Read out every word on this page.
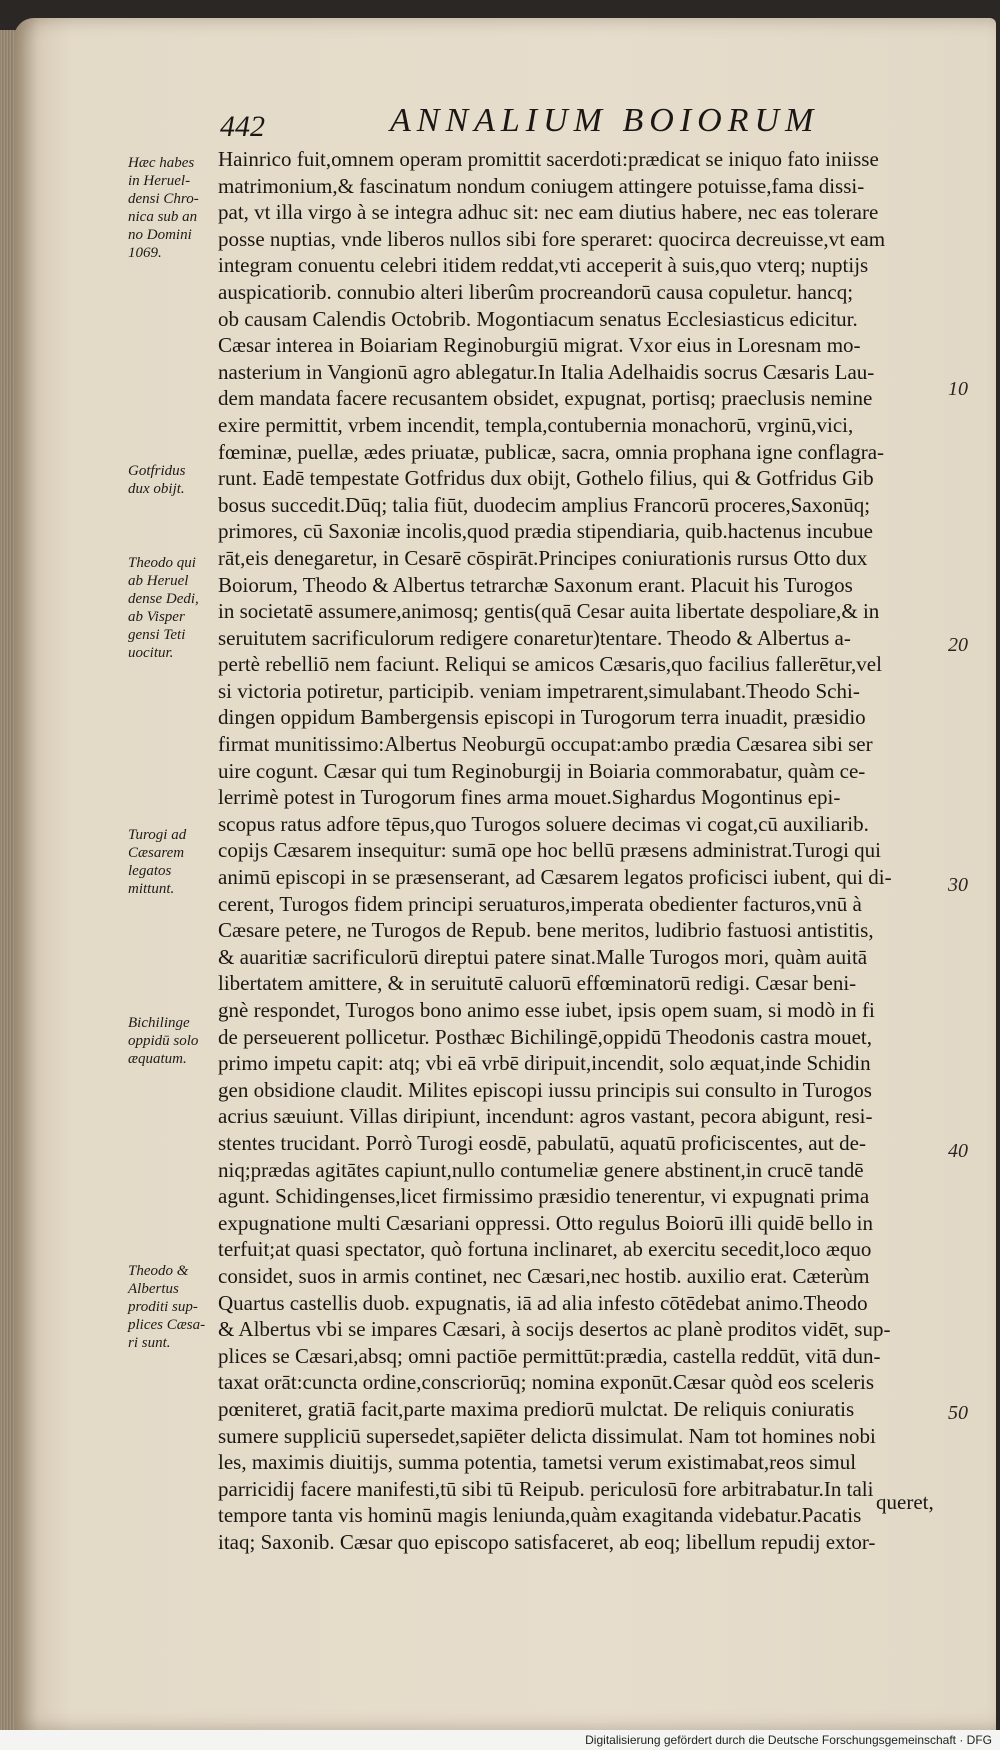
442	ANNALIUM BOIORUM
Hæc habes
in Heruel-
densi Chro-
nica sub an
no Domini
1069.
Gotfridus
dux obijt.
Theodo qui
ab Heruel
dense Dedi,
ab Visper
gensi Teti
uocitur.
Turogi ad
Cæsarem
legatos
mittunt.
Bichilinge
oppidū solo
æquatum.
Theodo &
Albertus
proditi sup-
plices Cæsa-
ri sunt.
Hainrico fuit,omnem operam promittit sacerdoti:prædicat se iniquo fato iniisse
matrimonium,& fascinatum nondum coniugem attingere potuisse,fama dissi-
pat, vt illa virgo à se integra adhuc sit: nec eam diutius habere, nec eas tolerare
posse nuptias, vnde liberos nullos sibi fore speraret: quocirca decreuisse,vt eam
integram conuentu celebri itidem reddat,vti acceperit à suis,quo vterq; nuptijs
auspicatiorib. connubio alteri liberûm procreandorū causa copuletur. hancq;
ob causam Calendis Octobrib. Mogontiacum senatus Ecclesiasticus edicitur.
Cæsar interea in Boiariam Reginoburgiū migrat. Vxor eius in Loresnam mo-
nasterium in Vangionū agro ablegatur.In Italia Adelhaidis socrus Cæsaris Lau-
dem mandata facere recusantem obsidet, expugnat, portisq; praeclusis nemine
exire permittit, vrbem incendit, templa,contubernia monachorū, vrginū,vici,
fœminæ, puellæ, ædes priuatæ, publicæ, sacra, omnia prophana igne conflagra-
runt. Eadē tempestate Gotfridus dux obijt, Gothelo filius, qui & Gotfridus Gib
bosus succedit.Dūq; talia fiūt, duodecim amplius Francorū proceres,Saxonūq;
primores, cū Saxoniæ incolis,quod prædia stipendiaria, quib.hactenus incubue
rāt,eis denegaretur, in Cesarē cōspirāt.Principes coniurationis rursus Otto dux
Boiorum, Theodo & Albertus tetrarchæ Saxonum erant. Placuit his Turogos
in societatē assumere,animosq; gentis(quā Cesar auita libertate despoliare,& in
seruitutem sacrificulorum redigere conaretur)tentare. Theodo & Albertus a-
pertè rebelliō nem faciunt. Reliqui se amicos Cæsaris,quo facilius fallerētur,vel
si victoria potiretur, participib. veniam impetrarent,simulabant.Theodo Schi-
dingen oppidum Bambergensis episcopi in Turogorum terra inuadit, præsidio
firmat munitissimo:Albertus Neoburgū occupat:ambo prædia Cæsarea sibi ser
uire cogunt. Cæsar qui tum Reginoburgij in Boiaria commorabatur, quàm ce-
lerrimè potest in Turogorum fines arma mouet.Sighardus Mogontinus epi-
scopus ratus adfore tēpus,quo Turogos soluere decimas vi cogat,cū auxiliarib.
copijs Cæsarem insequitur: sumā ope hoc bellū præsens administrat.Turogi qui
animū episcopi in se præsenserant, ad Cæsarem legatos proficisci iubent, qui di-
cerent, Turogos fidem principi seruaturos,imperata obedienter facturos,vnū à
Cæsare petere, ne Turogos de Repub. bene meritos, ludibrio fastuosi antistitis,
& auaritiæ sacrificulorū direptui patere sinat.Malle Turogos mori, quàm auitā
libertatem amittere, & in seruitutē caluorū effœminatorū redigi. Cæsar beni-
gnè respondet, Turogos bono animo esse iubet, ipsis opem suam, si modò in fi
de perseuerent pollicetur. Posthæc Bichilingē,oppidū Theodonis castra mouet,
primo impetu capit: atq; vbi eā vrbē diripuit,incendit, solo æquat,inde Schidin
gen obsidione claudit. Milites episcopi iussu principis sui consulto in Turogos
acrius sæuiunt. Villas diripiunt, incendunt: agros vastant, pecora abigunt, resi-
stentes trucidant. Porrò Turogi eosdē, pabulatū, aquatū proficiscentes, aut de-
niq;prædas agitātes capiunt,nullo contumeliæ genere abstinent,in crucē tandē
agunt. Schidingenses,licet firmissimo præsidio tenerentur, vi expugnati prima
expugnatione multi Cæsariani oppressi. Otto regulus Boiorū illi quidē bello in
terfuit;at quasi spectator, quò fortuna inclinaret, ab exercitu secedit,loco æquo
considet, suos in armis continet, nec Cæsari,nec hostib. auxilio erat. Cæterùm
Quartus castellis duob. expugnatis, iā ad alia infesto cōtēdebat animo.Theodo
& Albertus vbi se impares Cæsari, à socijs desertos ac planè proditos vidēt, sup-
plices se Cæsari,absq; omni pactiōe permittūt:prædia, castella reddūt, vitā dun-
taxat orāt:cuncta ordine,conscriorūq; nomina exponūt.Cæsar quòd eos sceleris
pœniteret, gratiā facit,parte maxima prediorū mulctat. De reliquis coniuratis
sumere suppliciū supersedet,sapiēter delicta dissimulat. Nam tot homines nobi
les, maximis diuitijs, summa potentia, tametsi verum existimabat,reos simul
parricidij facere manifesti,tū sibi tū Reipub. periculosū fore arbitrabatur.In tali
tempore tanta vis hominū magis leniunda,quàm exagitanda videbatur.Pacatis
itaq; Saxonib. Cæsar quo episcopo satisfaceret, ab eoq; libellum repudij extor-
queret,
10
20
30
40
50
Digitalisierung gefördert durch die Deutsche Forschungsgemeinschaft · DFG
